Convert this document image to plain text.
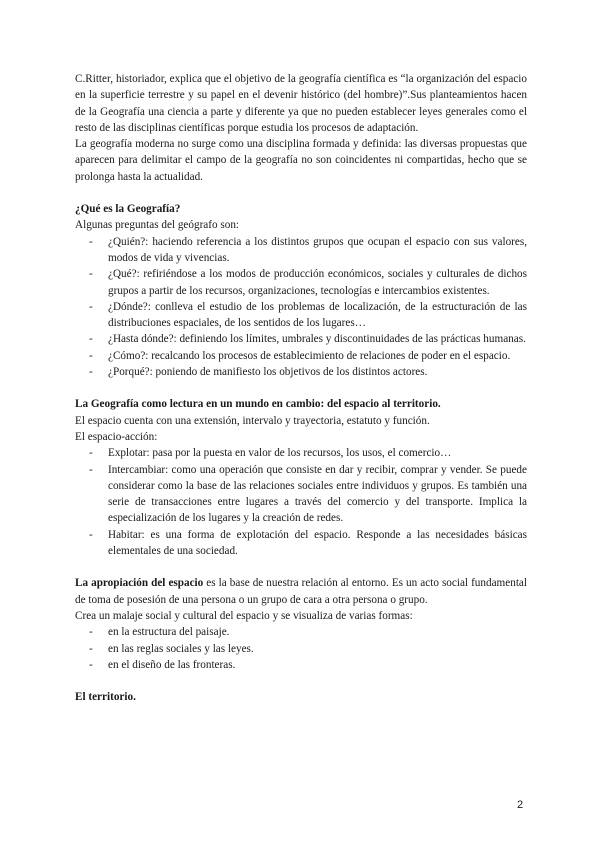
C.Ritter, historiador, explica que el objetivo de la geografía científica es “la organización del espacio en la superficie terrestre y su papel en el devenir histórico (del hombre)”.Sus planteamientos hacen de la Geografía una ciencia a parte y diferente ya que no pueden establecer leyes generales como el resto de las disciplinas científicas porque estudia los procesos de adaptación.

La geografía moderna no surge como una disciplina formada y definida: las diversas propuestas que aparecen para delimitar el campo de la geografía no son coincidentes ni compartidas, hecho que se prolonga hasta la actualidad.

¿Qué es la Geografía?

Algunas preguntas del geógrafo son:

- ¿Quién?: haciendo referencia a los distintos grupos que ocupan el espacio con sus valores, modos de vida y vivencias.
- ¿Qué?: refiriéndose a los modos de producción económicos, sociales y culturales de dichos grupos a partir de los recursos, organizaciones, tecnologías e intercambios existentes.
- ¿Dónde?: conlleva el estudio de los problemas de localización, de la estructuración de las distribuciones espaciales, de los sentidos de los lugares…
- ¿Hasta dónde?: definiendo los límites, umbrales y discontinuidades de las prácticas humanas.
- ¿Cómo?: recalcando los procesos de establecimiento de relaciones de poder en el espacio.
- ¿Porqué?: poniendo de manifiesto los objetivos de los distintos actores.
La Geografía como lectura en un mundo en cambio: del espacio al territorio.

El espacio cuenta con una extensión, intervalo y trayectoria, estatuto y función.

El espacio-acción:

- Explotar: pasa por la puesta en valor de los recursos, los usos, el comercio…
- Intercambiar: como una operación que consiste en dar y recibir, comprar y vender. Se puede considerar como la base de las relaciones sociales entre individuos y grupos. Es también una serie de transacciones entre lugares a través del comercio y del transporte. Implica la especialización de los lugares y la creación de redes.
- Habitar: es una forma de explotación del espacio. Responde a las necesidades básicas elementales de una sociedad.

La apropiación del espacio es la base de nuestra relación al entorno. Es un acto social fundamental de toma de posesión de una persona o un grupo de cara a otra persona o grupo.

Crea un malaje social y cultural del espacio y se visualiza de varias formas:

- en la estructura del paisaje.
- en las reglas sociales y las leyes.
- en el diseño de las fronteras.
El territorio.
2
